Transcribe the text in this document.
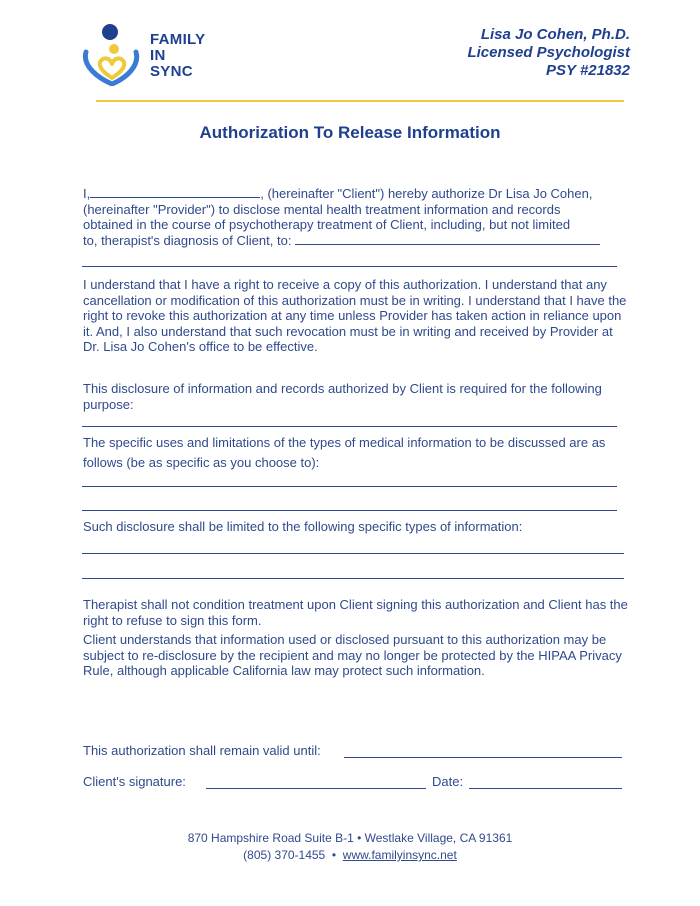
FAMILY
IN
SYNC
Lisa Jo Cohen, Ph.D.
Licensed Psychologist
PSY #21832
Authorization To Release Information
I,	, (hereinafter "Client") hereby authorize Dr Lisa Jo Cohen,
(hereinafter "Provider") to disclose mental health treatment information and records
obtained in the course of psychotherapy treatment of Client, including, but not limited
to, therapist's diagnosis of Client, to:
I understand that I have a right to receive a copy of this authorization. I understand that any cancellation or modification of this authorization must be in writing. I understand that I have the right to revoke this authorization at any time unless Provider has taken action in reliance upon it. And, I also understand that such revocation must be in writing and received by Provider at Dr. Lisa Jo Cohen's office to be effective.
This disclosure of information and records authorized by Client is required for the following purpose:
The specific uses and limitations of the types of medical information to be discussed are as follows (be as specific as you choose to):
Such disclosure shall be limited to the following specific types of information:
Therapist shall not condition treatment upon Client signing this authorization and Client has the right to refuse to sign this form.
Client understands that information used or disclosed pursuant to this authorization may be subject to re-disclosure by the recipient and may no longer be protected by the HIPAA Privacy Rule, although applicable California law may protect such information.
This authorization shall remain valid until:
Client's signature:	Date:
870 Hampshire Road Suite B-1 • Westlake Village, CA 91361
(805) 370-1455 • www.familyinsync.net
